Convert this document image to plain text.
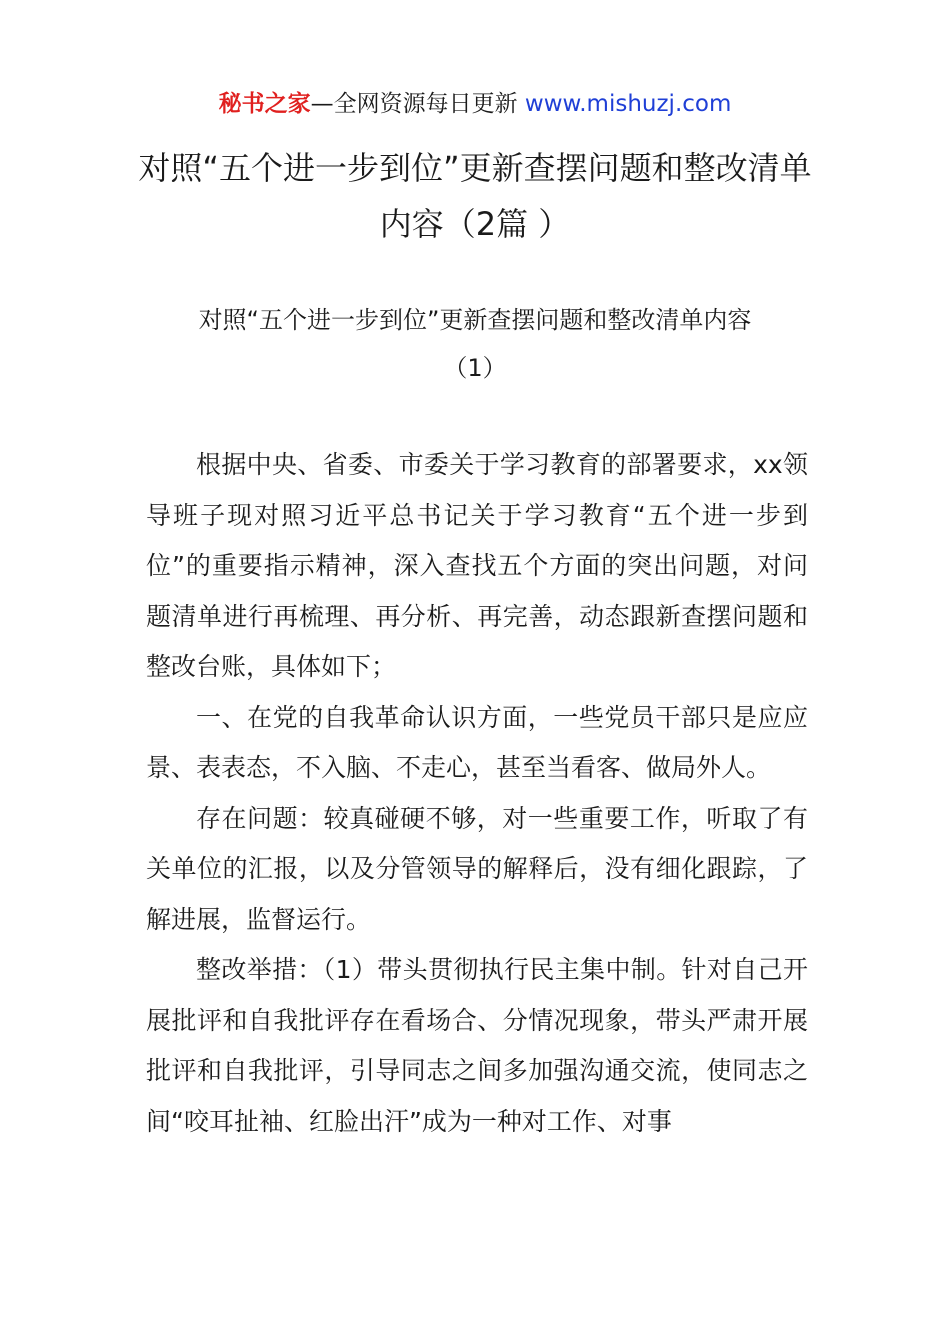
秘书之家—全网资源每日更新 www.mishuzj.com
对照“五个进一步到位”更新查摆问题和整改清单内容（2篇 ）
对照“五个进一步到位”更新查摆问题和整改清单内容
（1）

根据中央、省委、市委关于学习教育的部署要求，xx领导班子现对照习近平总书记关于学习教育“五个进一步到位”的重要指示精神，深入查找五个方面的突出问题，对问题清单进行再梳理、再分析、再完善，动态跟新查摆问题和整改台账，具体如下；

一、在党的自我革命认识方面，一些党员干部只是应应景、表表态，不入脑、不走心，甚至当看客、做局外人。

存在问题：较真碰硬不够，对一些重要工作，听取了有关单位的汇报，以及分管领导的解释后，没有细化跟踪，了解进展，监督运行。

整改举措：（1）带头贯彻执行民主集中制。针对自己开展批评和自我批评存在看场合、分情况现象，带头严肃开展批评和自我批评，引导同志之间多加强沟通交流，使同志之间“咬耳扯袖、红脸出汗”成为一种对工作、对事
